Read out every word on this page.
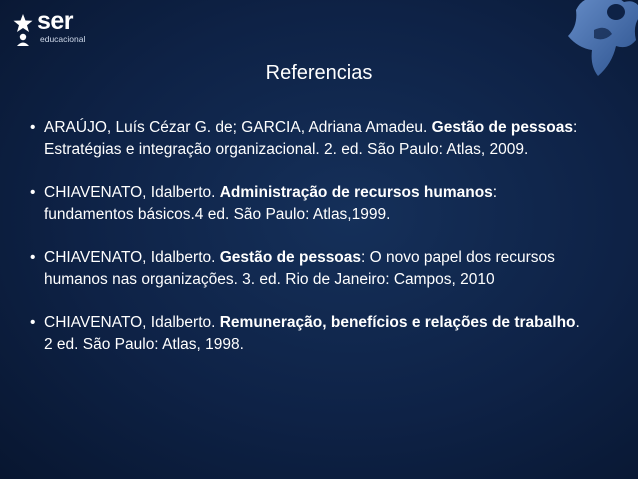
ser
educacional
Referencias
• ARAÚJO, Luís Cézar G. de; GARCIA, Adriana Amadeu. Gestão de pessoas: Estratégias e integração organizacional. 2. ed. São Paulo: Atlas, 2009.
• CHIAVENATO, Idalberto. Administração de recursos humanos: fundamentos básicos.4 ed. São Paulo: Atlas,1999.
• CHIAVENATO, Idalberto. Gestão de pessoas: O novo papel dos recursos humanos nas organizações. 3. ed. Rio de Janeiro: Campos, 2010
• CHIAVENATO, Idalberto. Remuneração, benefícios e relações de trabalho. 2 ed. São Paulo: Atlas, 1998.
